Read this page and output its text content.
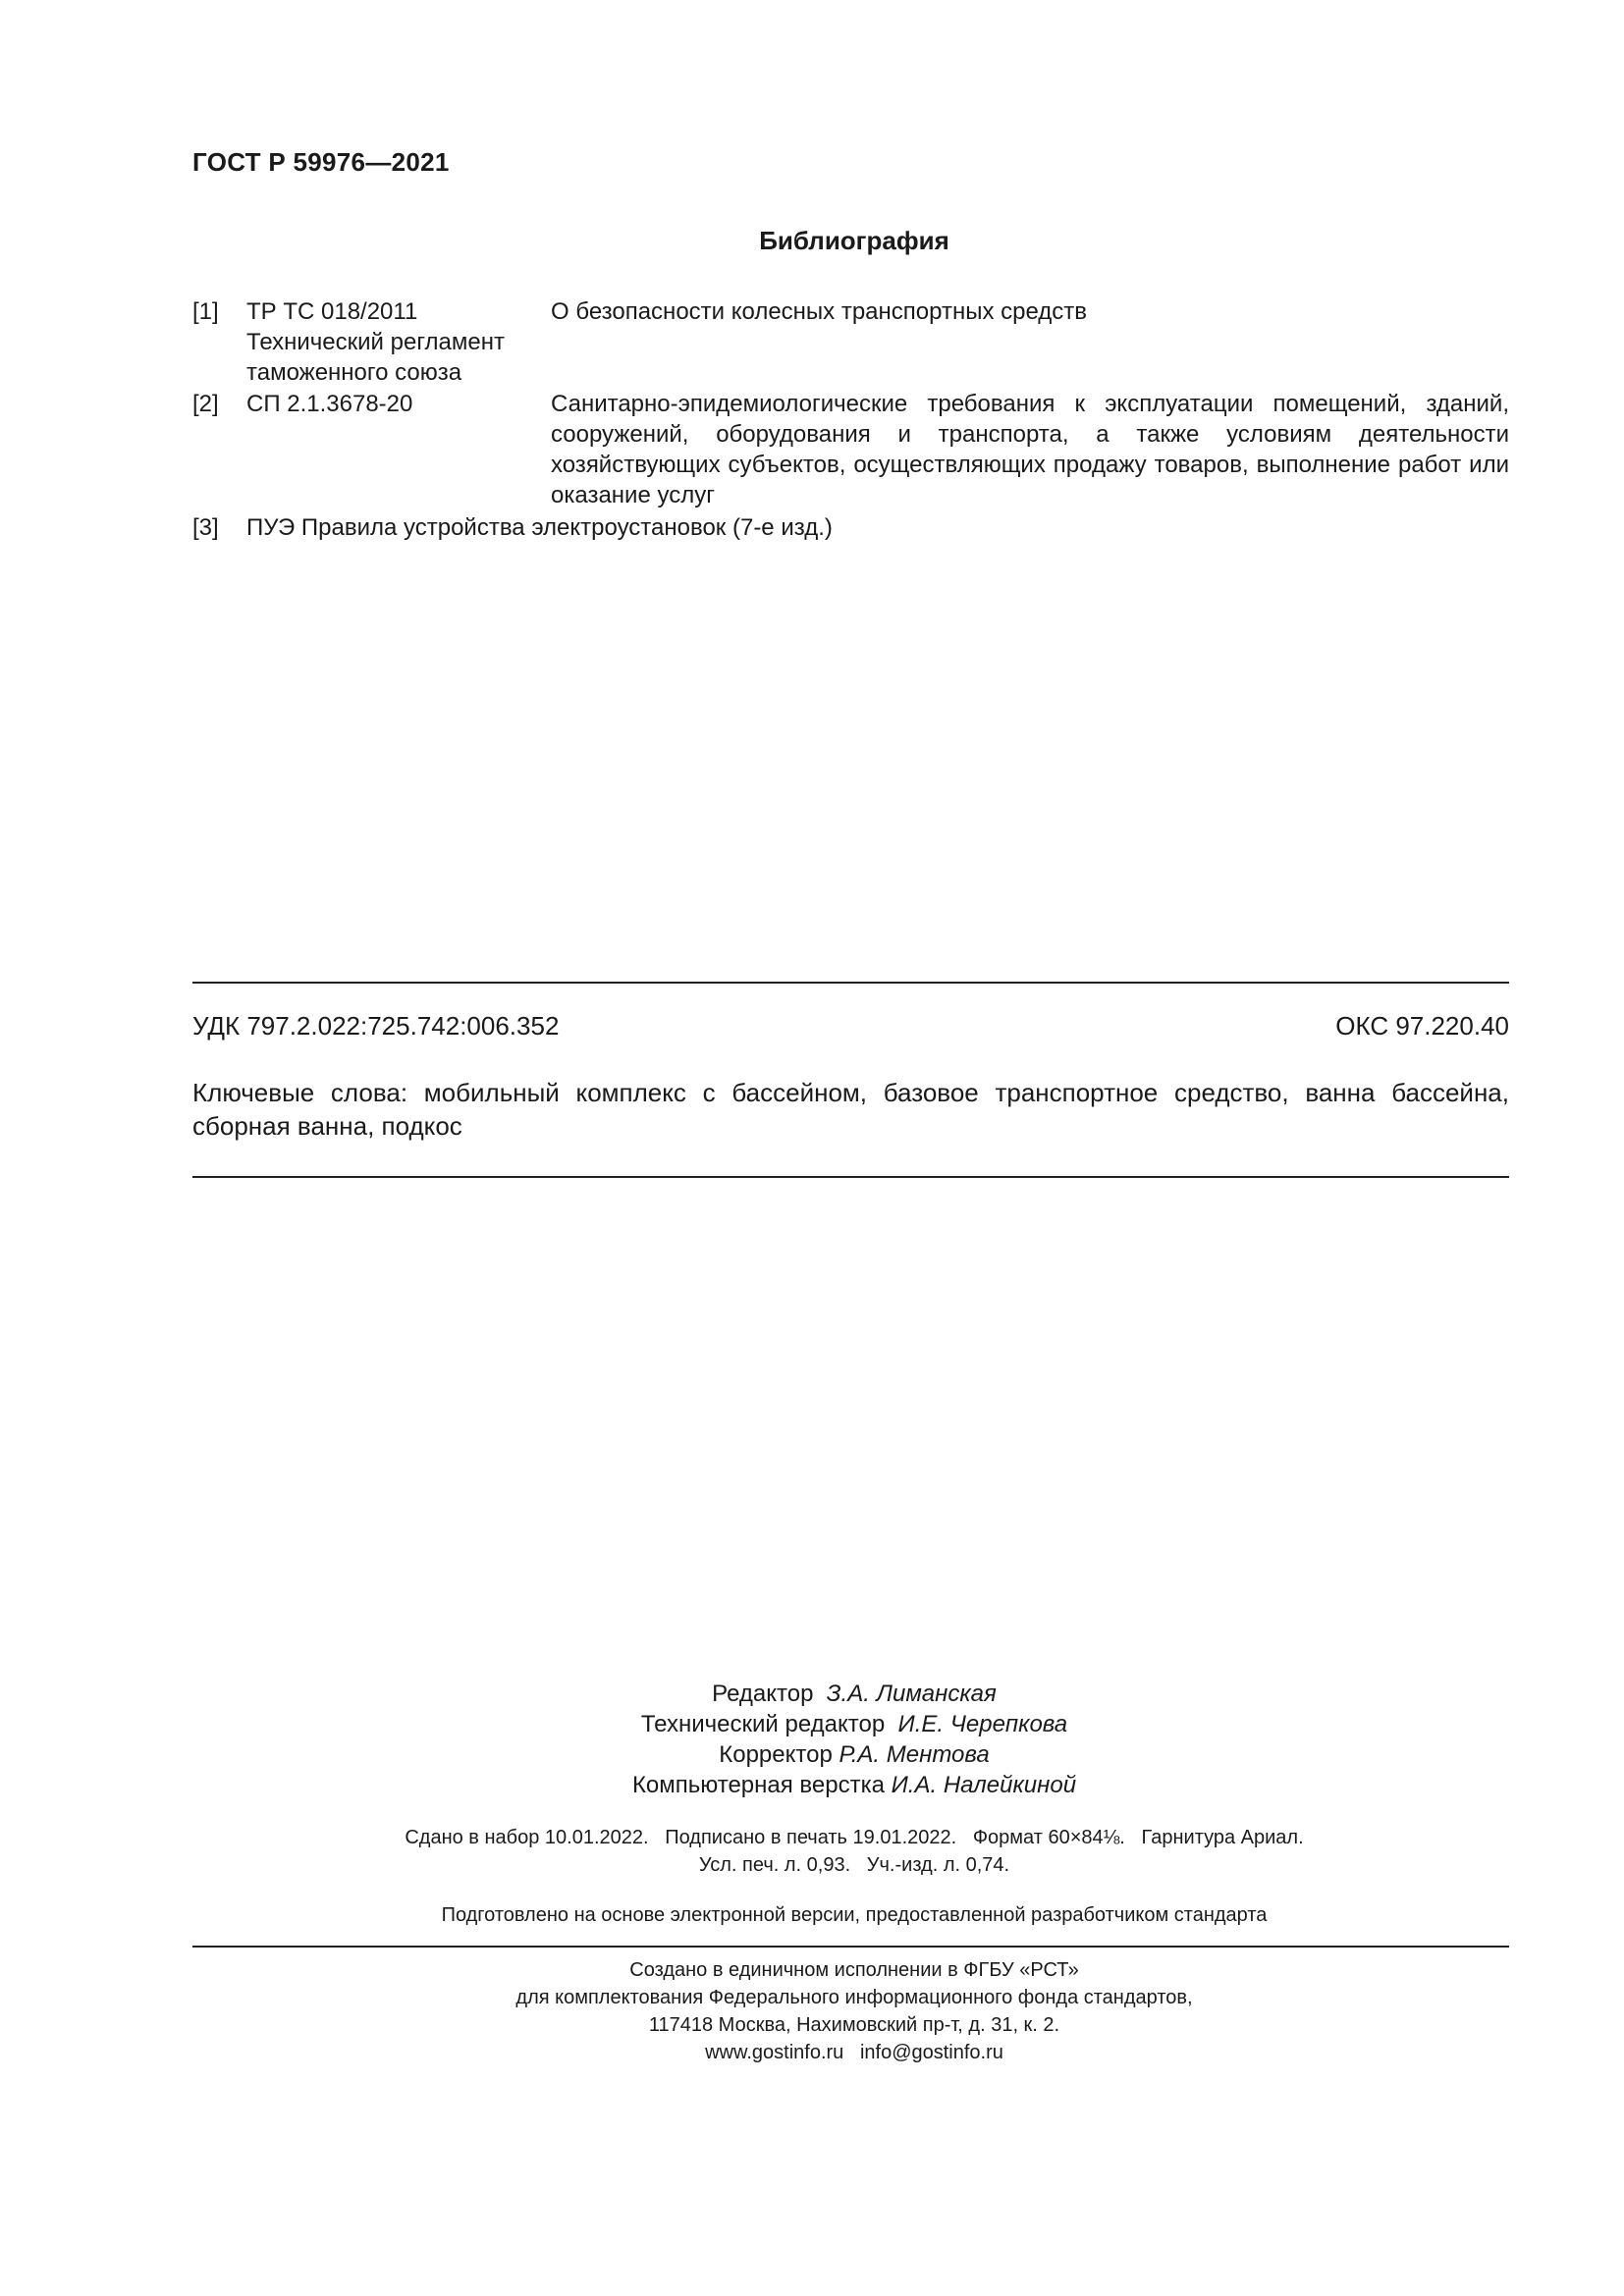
ГОСТ Р 59976—2021
Библиография
[1] ТР ТС 018/2011
Технический регламент
таможенного союза
О безопасности колесных транспортных средств
[2] СП 2.1.3678-20	Санитарно-эпидемиологические требования к эксплуатации помещений, зданий, сооружений, оборудования и транспорта, а также условиям деятельности хозяйствующих субъектов, осуществляющих продажу товаров, выполнение работ или оказание услуг
[3] ПУЭ Правила устройства электроустановок (7-е изд.)
УДК 797.2.022:725.742:006.352	ОКС 97.220.40
Ключевые слова: мобильный комплекс с бассейном, базовое транспортное средство, ванна бассейна, сборная ванна, подкос
Редактор З.А. Лиманская
Технический редактор И.Е. Черепкова
Корректор Р.А. Ментова
Компьютерная верстка И.А. Налейкиной
Сдано в набор 10.01.2022.   Подписано в печать 19.01.2022.   Формат 60×84⅛.   Гарнитура Ариал.
Усл. печ. л. 0,93.   Уч.-изд. л. 0,74.
Подготовлено на основе электронной версии, предоставленной разработчиком стандарта
Создано в единичном исполнении в ФГБУ «РСТ»
для комплектования Федерального информационного фонда стандартов,
117418 Москва, Нахимовский пр-т, д. 31, к. 2.
www.gostinfo.ru   info@gostinfo.ru
